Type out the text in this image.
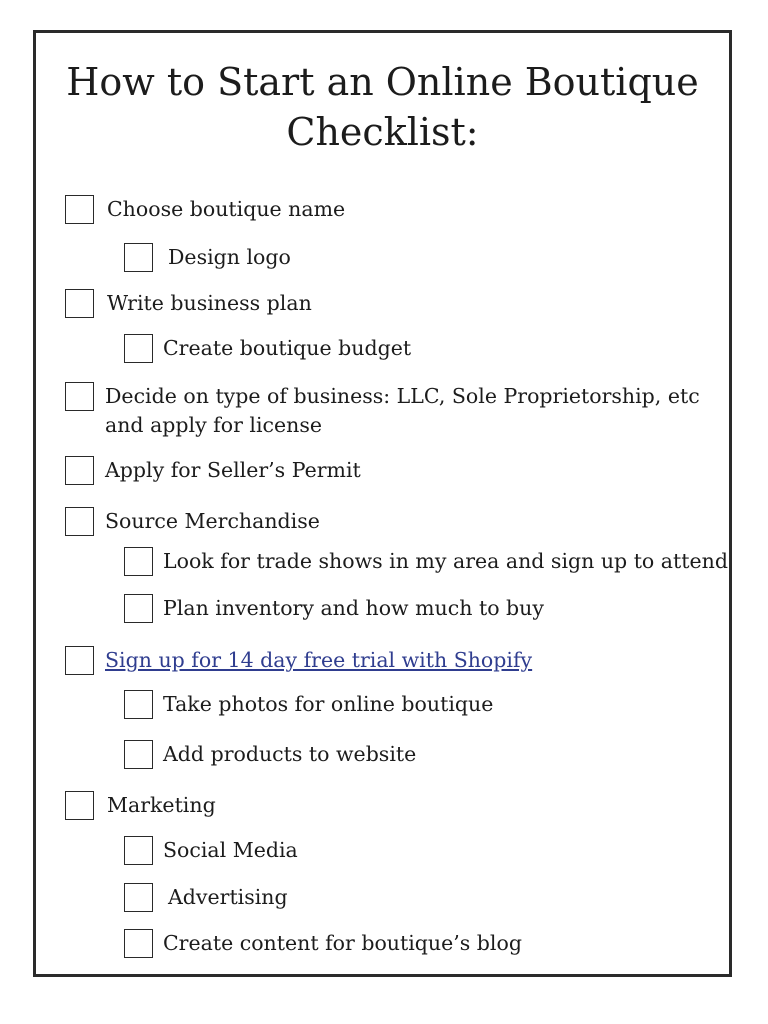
How to Start an Online Boutique
Checklist:
Choose boutique name
Design logo
Write business plan
Create boutique budget
Decide on type of business: LLC, Sole Proprietorship, etc and apply for license
Apply for Seller’s Permit
Source Merchandise
Look for trade shows in my area and sign up to attend
Plan inventory and how much to buy
Sign up for 14 day free trial with Shopify
Take photos for online boutique
Add products to website
Marketing
Social Media
Advertising
Create content for boutique’s blog
